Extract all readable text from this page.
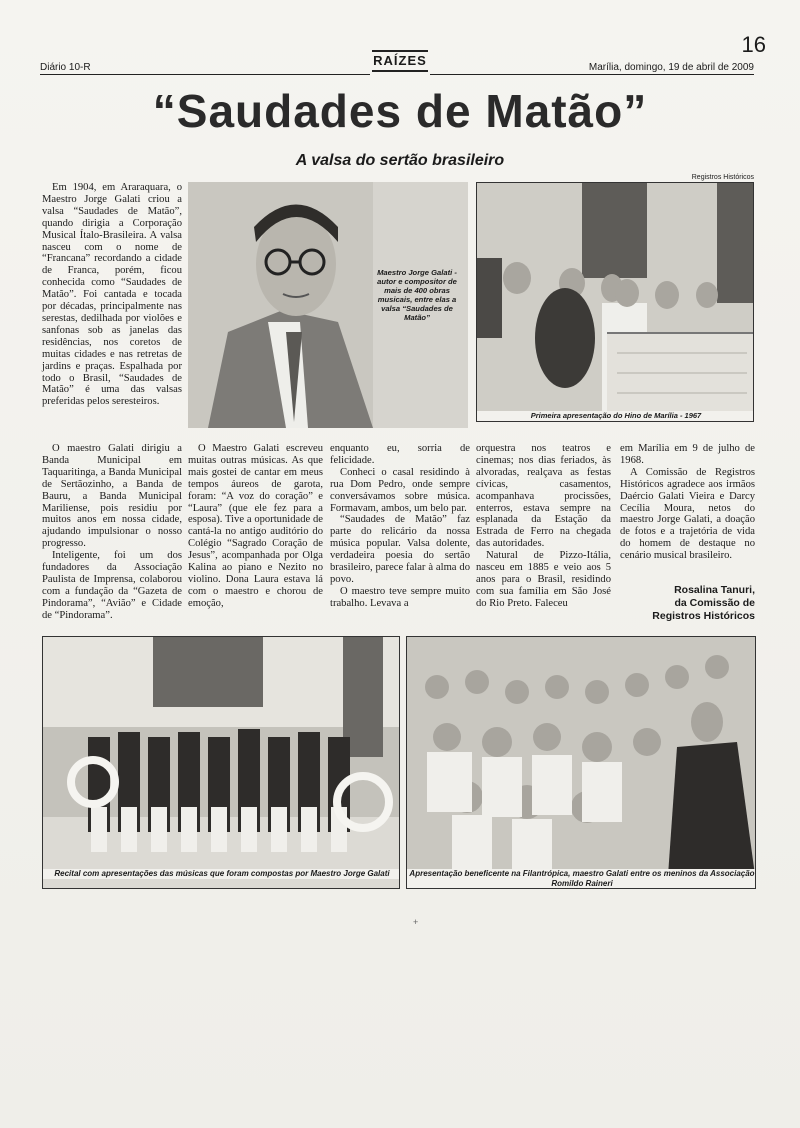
16
Diário 10-R	RAÍZES	Marília, domingo, 19 de abril de 2009
“Saudades de Matão”
A valsa do sertão brasileiro

Em 1904, em Araraquara, o Maestro Jorge Galati criou a valsa “Saudades de Matão”, quando dirigia a Corporação Musical Ítalo-Brasileira. A valsa nasceu com o nome de “Francana” recordando a cidade de Franca, porém, ficou conhecida como “Saudades de Matão”. Foi cantada e tocada por décadas, principalmente nas serestas, dedilhada por violões e sanfonas sob as janelas das residências, nos coretos de muitas cidades e nas retretas de jardins e praças. Espalhada por todo o Brasil, “Saudades de Matão” é uma das valsas preferidas pelos seresteiros.

O maestro Galati dirigiu a Banda Municipal em Taquaritinga, a Banda Municipal de Sertãozinho, a Banda de Bauru, a Banda Municipal Mariliense, pois residiu por muitos anos em nossa cidade, ajudando impulsionar o nosso progresso.

Inteligente, foi um dos fundadores da Associação Paulista de Imprensa, colaborou com a fundação da “Gazeta de Pindorama”, “Avião” e Cidade de “Pindorama”.

Maestro Jorge Galati - autor e compositor de mais de 400 obras musicais, entre elas a valsa “Saudades de Matão”
Registros Históricos
Primeira apresentação do Hino de Marília - 1967

O Maestro Galati escreveu muitas outras músicas. As que mais gostei de cantar em meus tempos áureos de garota, foram: “A voz do coração” e “Laura” (que ele fez para a esposa). Tive a oportunidade de cantá-la no antigo auditório do Colégio “Sagrado Coração de Jesus”, acompanhada por Olga Kalina ao piano e Nezito no violino. Dona Laura estava lá com o maestro e chorou de emoção,

enquanto eu, sorria de felicidade.

Conheci o casal residindo à rua Dom Pedro, onde sempre conversávamos sobre música. Formavam, ambos, um belo par.

“Saudades de Matão” faz parte do relicário da nossa música popular. Valsa dolente, verdadeira poesia do sertão brasileiro, parece falar à alma do povo.

O maestro teve sempre muito trabalho. Levava a

orquestra nos teatros e cinemas; nos dias feriados, às alvoradas, realçava as festas cívicas, casamentos, acompanhava procissões, enterros, estava sempre na esplanada da Estação da Estrada de Ferro na chegada das autoridades.

Natural de Pizzo-Itália, nasceu em 1885 e veio aos 5 anos para o Brasil, residindo com sua família em São José do Rio Preto. Faleceu

em Marília em 9 de julho de 1968.

A Comissão de Registros Históricos agradece aos irmãos Daércio Galati Vieira e Darcy Cecília Moura, netos do maestro Jorge Galati, a doação de fotos e a trajetória de vida do homem de destaque no cenário musical brasileiro.

Rosalina Tanuri,
da Comissão de
Registros Históricos
Recital com apresentações das músicas que foram compostas por Maestro Jorge Galati	Apresentação beneficente na Filantrópica, maestro Galati entre os meninos da Associação Romildo Raineri
+
